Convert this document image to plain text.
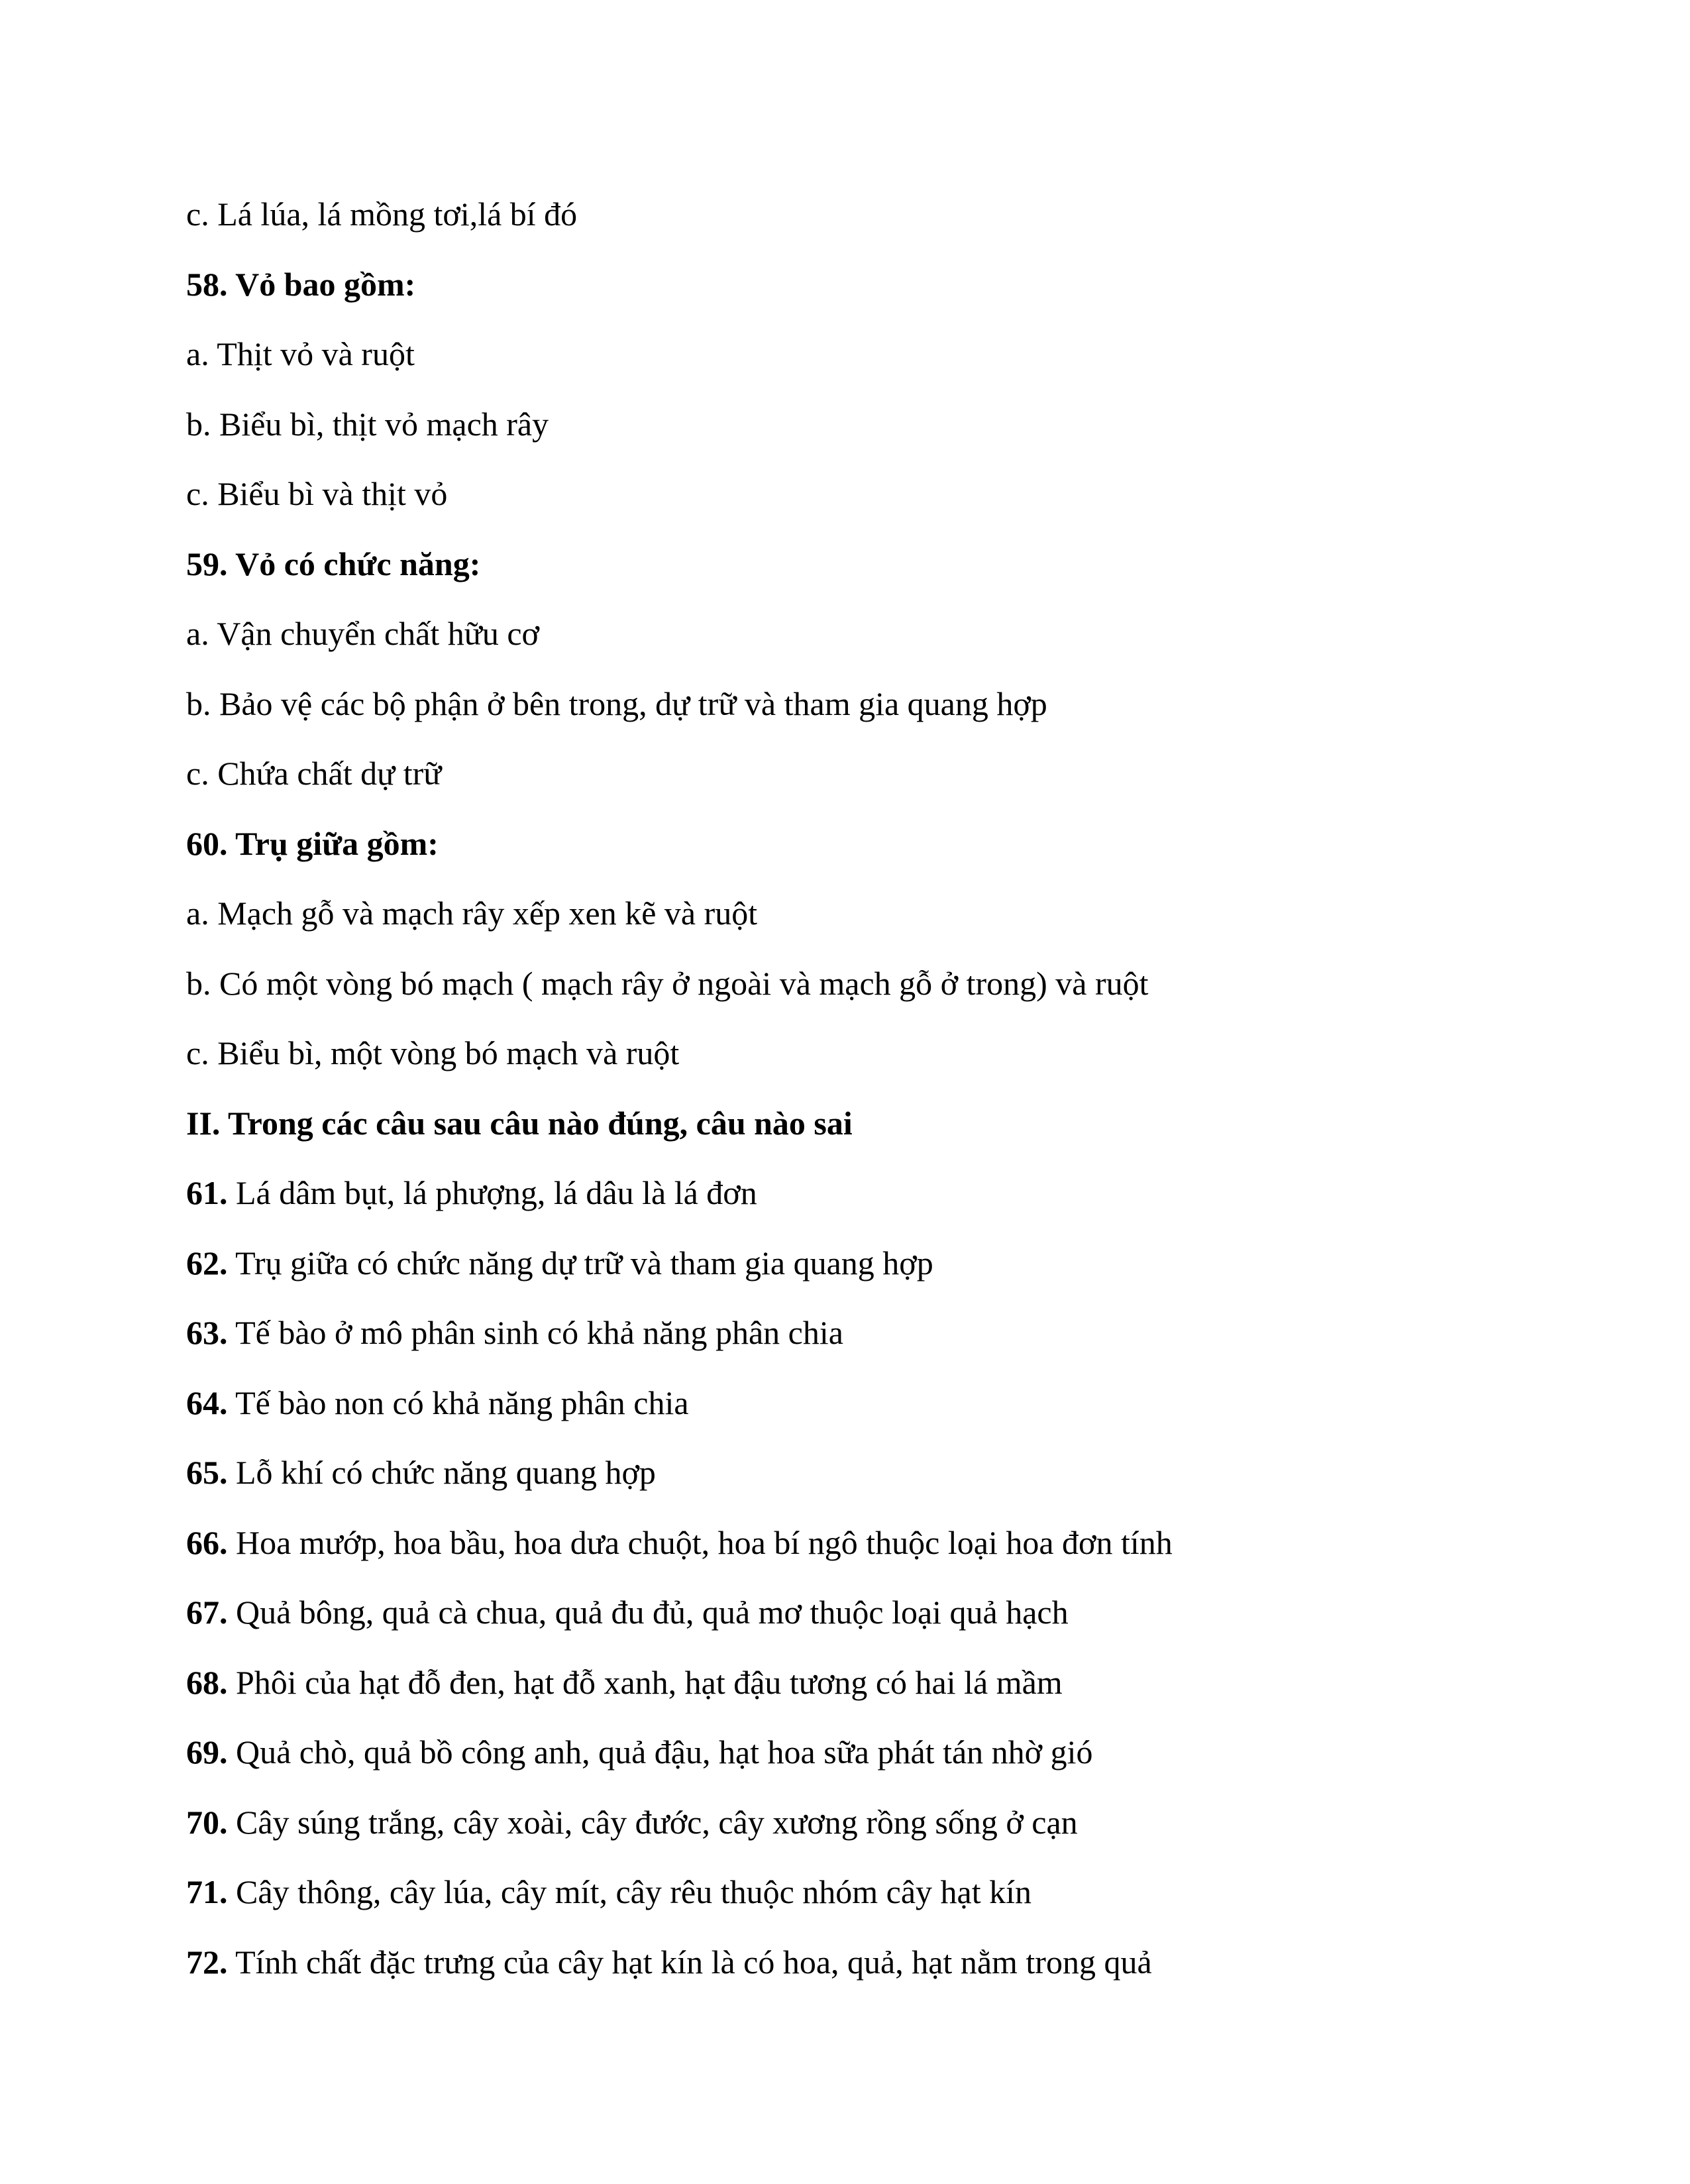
c. Lá lúa, lá mồng tơi,lá bí đó
58. Vỏ bao gồm:
a. Thịt vỏ và ruột
b. Biểu bì, thịt vỏ mạch rây
c. Biểu bì và thịt vỏ
59. Vỏ có chức năng:
a. Vận chuyển chất hữu cơ
b. Bảo vệ các bộ phận ở bên trong, dự trữ và tham gia quang hợp
c. Chứa chất dự trữ
60. Trụ giữa gồm:
a. Mạch gỗ và mạch rây xếp xen kẽ và ruột
b. Có một vòng bó mạch ( mạch rây ở ngoài và mạch gỗ ở trong) và ruột
c. Biểu bì, một vòng bó mạch và ruột
II. Trong các câu sau câu nào đúng, câu nào sai
61. Lá dâm bụt, lá phượng, lá dâu là lá đơn
62. Trụ giữa có chức năng dự trữ và tham gia quang hợp
63. Tế bào ở mô phân sinh có khả năng phân chia
64. Tế bào non có khả năng phân chia
65. Lỗ khí có chức năng quang hợp
66. Hoa mướp, hoa bầu, hoa dưa chuột, hoa bí ngô thuộc loại hoa đơn tính
67. Quả bông, quả cà chua, quả đu đủ, quả mơ thuộc loại quả hạch
68. Phôi của hạt đỗ đen, hạt đỗ xanh, hạt đậu tương có hai lá mầm
69. Quả chò, quả bồ công anh, quả đậu, hạt hoa sữa phát tán nhờ gió
70. Cây súng trắng, cây xoài, cây đước, cây xương rồng sống ở cạn
71. Cây thông, cây lúa, cây mít, cây rêu thuộc nhóm cây hạt kín
72. Tính chất đặc trưng của cây hạt kín là có hoa, quả, hạt nằm trong quả
